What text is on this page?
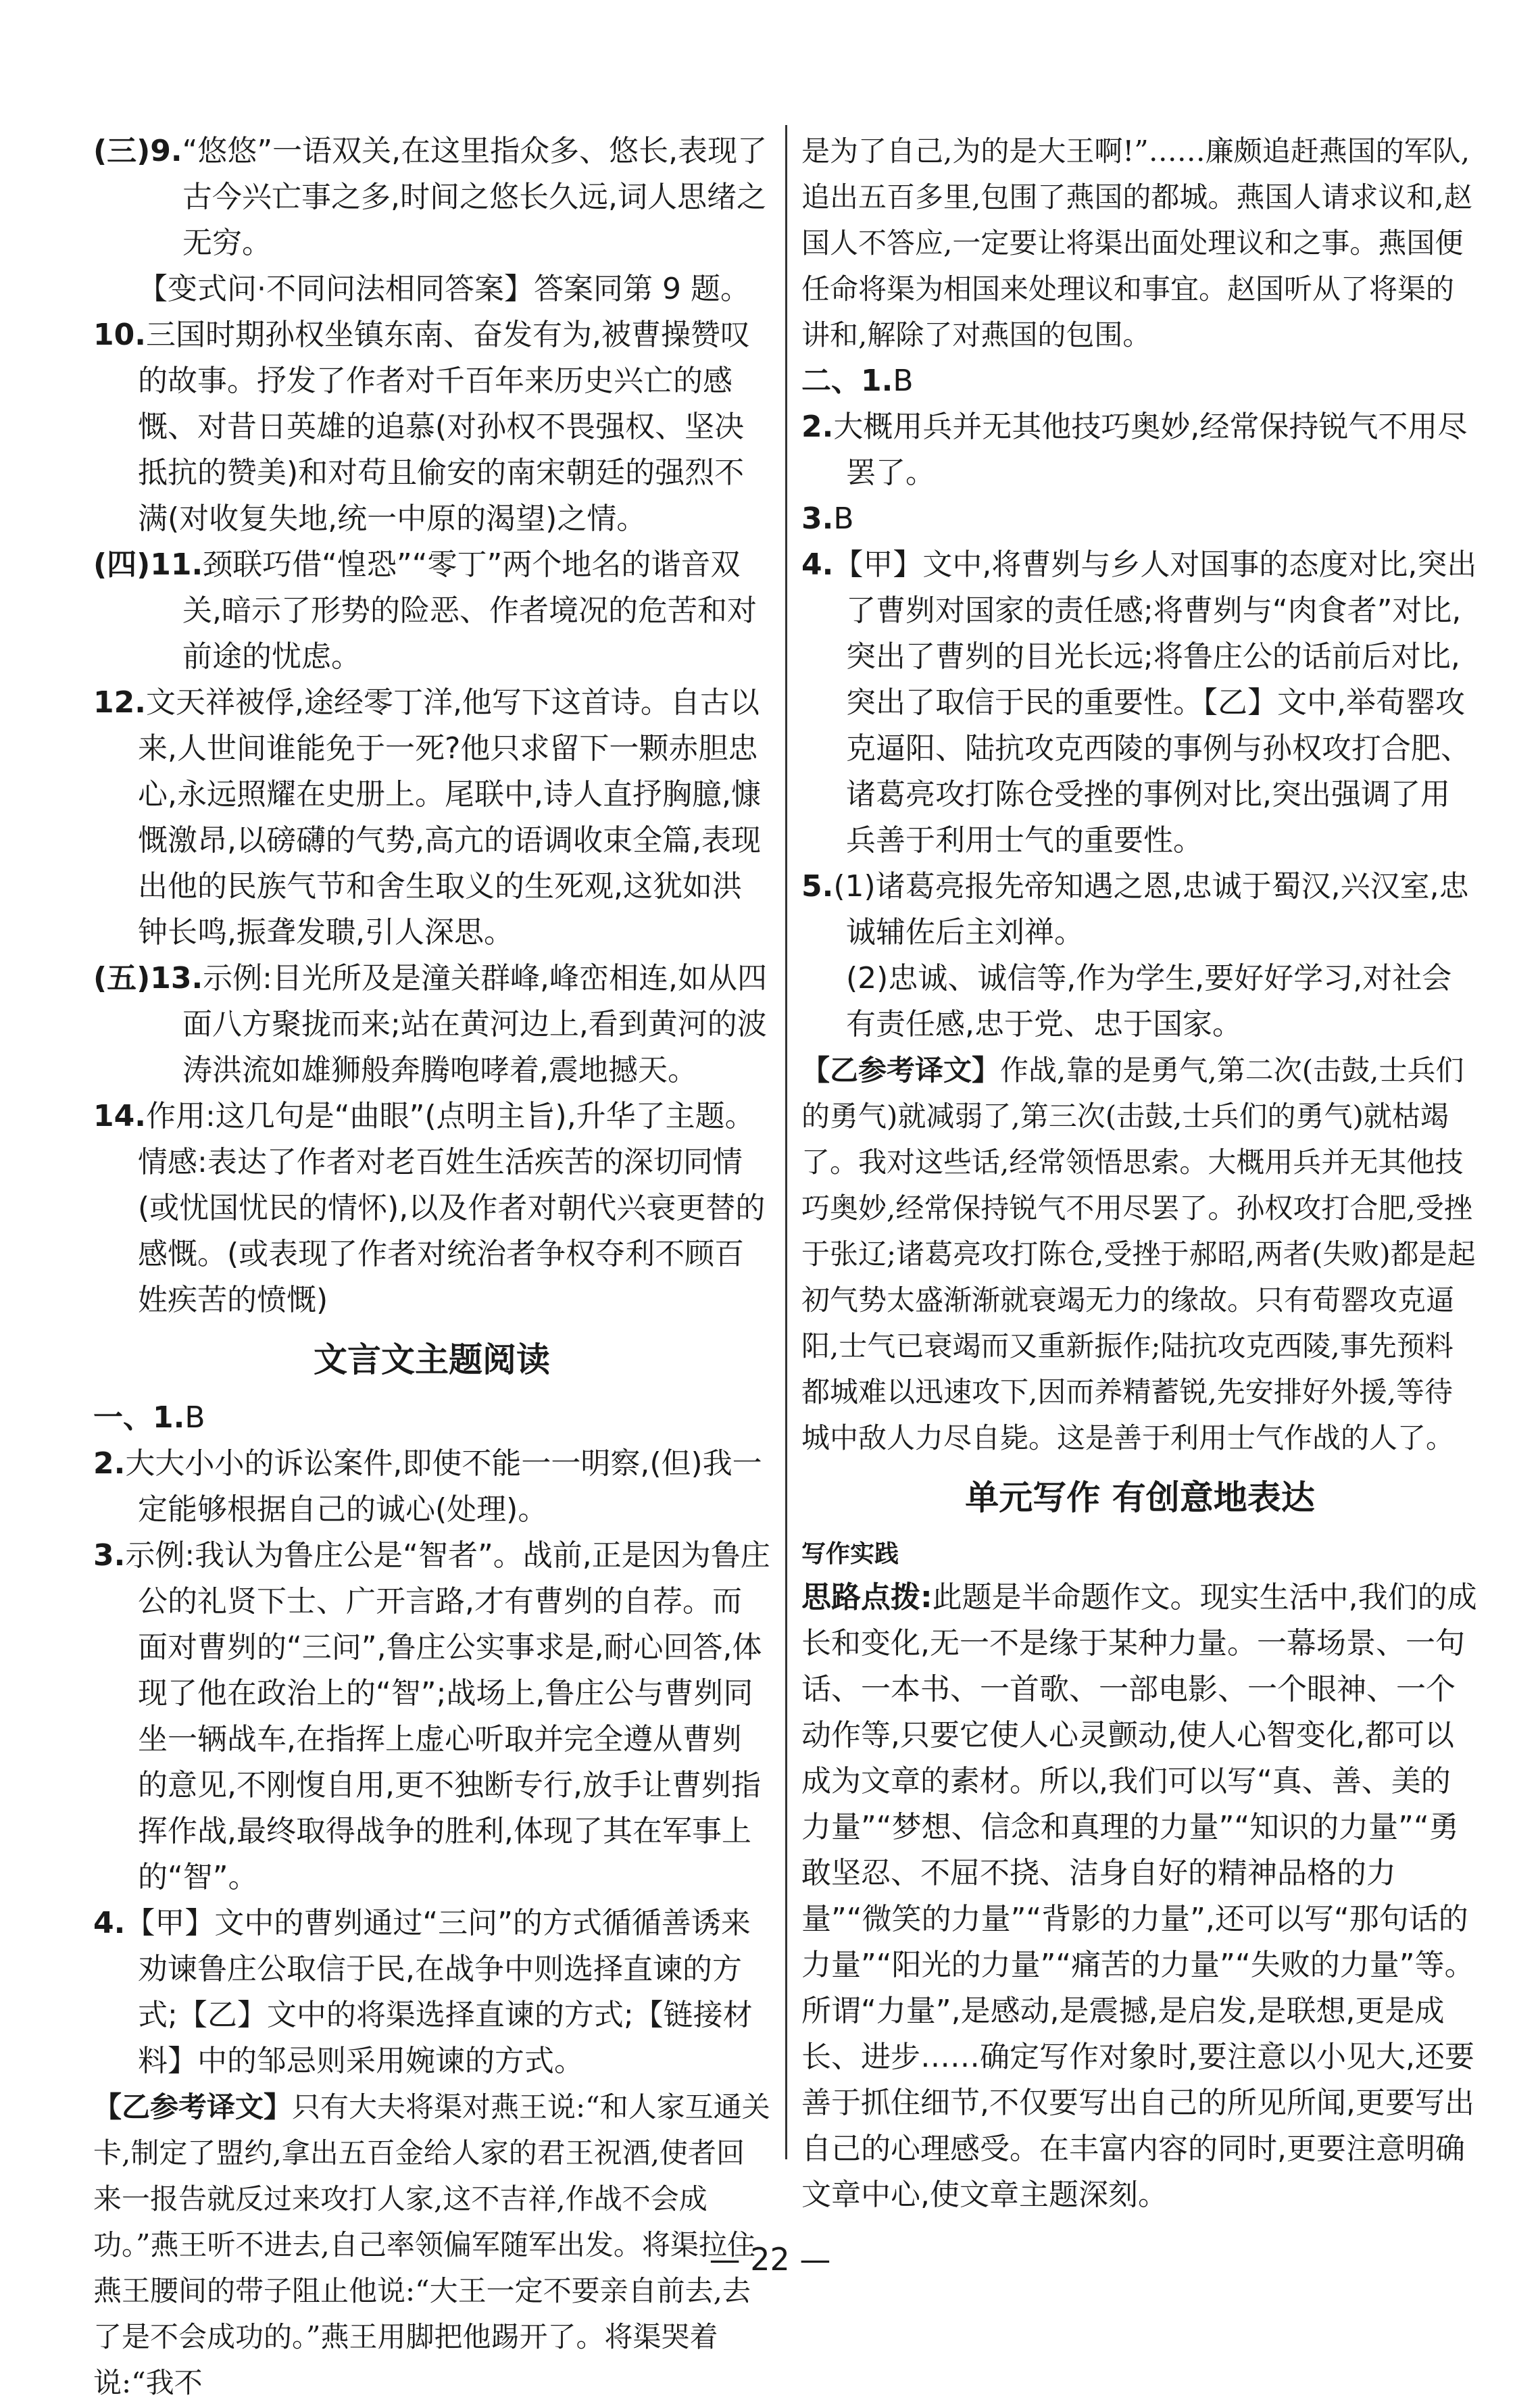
(三)9.“悠悠”一语双关,在这里指众多、悠长,表现了古今兴亡事之多,时间之悠长久远,词人思绪之无穷。

【变式问·不同问法相同答案】答案同第 9 题。

10.三国时期孙权坐镇东南、奋发有为,被曹操赞叹的故事。抒发了作者对千百年来历史兴亡的感慨、对昔日英雄的追慕(对孙权不畏强权、坚决抵抗的赞美)和对苟且偷安的南宋朝廷的强烈不满(对收复失地,统一中原的渴望)之情。

(四)11.颈联巧借“惶恐”“零丁”两个地名的谐音双关,暗示了形势的险恶、作者境况的危苦和对前途的忧虑。

12.文天祥被俘,途经零丁洋,他写下这首诗。自古以来,人世间谁能免于一死?他只求留下一颗赤胆忠心,永远照耀在史册上。尾联中,诗人直抒胸臆,慷慨激昂,以磅礴的气势,高亢的语调收束全篇,表现出他的民族气节和舍生取义的生死观,这犹如洪钟长鸣,振聋发聩,引人深思。

(五)13.示例:目光所及是潼关群峰,峰峦相连,如从四面八方聚拢而来;站在黄河边上,看到黄河的波涛洪流如雄狮般奔腾咆哮着,震地撼天。

14.作用:这几句是“曲眼”(点明主旨),升华了主题。

情感:表达了作者对老百姓生活疾苦的深切同情(或忧国忧民的情怀),以及作者对朝代兴衰更替的感慨。(或表现了作者对统治者争权夺利不顾百姓疾苦的愤慨)

文言文主题阅读

一、1.B

2.大大小小的诉讼案件,即使不能一一明察,(但)我一定能够根据自己的诚心(处理)。

3.示例:我认为鲁庄公是“智者”。战前,正是因为鲁庄公的礼贤下士、广开言路,才有曹刿的自荐。而面对曹刿的“三问”,鲁庄公实事求是,耐心回答,体现了他在政治上的“智”;战场上,鲁庄公与曹刿同坐一辆战车,在指挥上虚心听取并完全遵从曹刿的意见,不刚愎自用,更不独断专行,放手让曹刿指挥作战,最终取得战争的胜利,体现了其在军事上的“智”。

4.【甲】文中的曹刿通过“三问”的方式循循善诱来劝谏鲁庄公取信于民,在战争中则选择直谏的方式;【乙】文中的将渠选择直谏的方式;【链接材料】中的邹忌则采用婉谏的方式。

【乙参考译文】只有大夫将渠对燕王说:“和人家互通关卡,制定了盟约,拿出五百金给人家的君王祝酒,使者回来一报告就反过来攻打人家,这不吉祥,作战不会成功。”燕王听不进去,自己率领偏军随军出发。将渠拉住燕王腰间的带子阻止他说:“大王一定不要亲自前去,去了是不会成功的。”燕王用脚把他踢开了。将渠哭着说:“我不

是为了自己,为的是大王啊!”……廉颇追赶燕国的军队,追出五百多里,包围了燕国的都城。燕国人请求议和,赵国人不答应,一定要让将渠出面处理议和之事。燕国便任命将渠为相国来处理议和事宜。赵国听从了将渠的讲和,解除了对燕国的包围。

二、1.B

2.大概用兵并无其他技巧奥妙,经常保持锐气不用尽罢了。

3.B

4.【甲】文中,将曹刿与乡人对国事的态度对比,突出了曹刿对国家的责任感;将曹刿与“肉食者”对比,突出了曹刿的目光长远;将鲁庄公的话前后对比,突出了取信于民的重要性。【乙】文中,举荀罂攻克逼阳、陆抗攻克西陵的事例与孙权攻打合肥、诸葛亮攻打陈仓受挫的事例对比,突出强调了用兵善于利用士气的重要性。

5.(1)诸葛亮报先帝知遇之恩,忠诚于蜀汉,兴汉室,忠诚辅佐后主刘禅。

(2)忠诚、诚信等,作为学生,要好好学习,对社会有责任感,忠于党、忠于国家。

【乙参考译文】作战,靠的是勇气,第二次(击鼓,士兵们的勇气)就减弱了,第三次(击鼓,士兵们的勇气)就枯竭了。我对这些话,经常领悟思索。大概用兵并无其他技巧奥妙,经常保持锐气不用尽罢了。孙权攻打合肥,受挫于张辽;诸葛亮攻打陈仓,受挫于郝昭,两者(失败)都是起初气势太盛渐渐就衰竭无力的缘故。只有荀罂攻克逼阳,士气已衰竭而又重新振作;陆抗攻克西陵,事先预料都城难以迅速攻下,因而养精蓄锐,先安排好外援,等待城中敌人力尽自毙。这是善于利用士气作战的人了。

单元写作 有创意地表达

写作实践

思路点拨:此题是半命题作文。现实生活中,我们的成长和变化,无一不是缘于某种力量。一幕场景、一句话、一本书、一首歌、一部电影、一个眼神、一个动作等,只要它使人心灵颤动,使人心智变化,都可以成为文章的素材。所以,我们可以写“真、善、美的力量”“梦想、信念和真理的力量”“知识的力量”“勇敢坚忍、不屈不挠、洁身自好的精神品格的力量”“微笑的力量”“背影的力量”,还可以写“那句话的力量”“阳光的力量”“痛苦的力量”“失败的力量”等。所谓“力量”,是感动,是震撼,是启发,是联想,更是成长、进步……确定写作对象时,要注意以小见大,还要善于抓住细节,不仅要写出自己的所见所闻,更要写出自己的心理感受。在丰富内容的同时,更要注意明确文章中心,使文章主题深刻。

— 22 —
